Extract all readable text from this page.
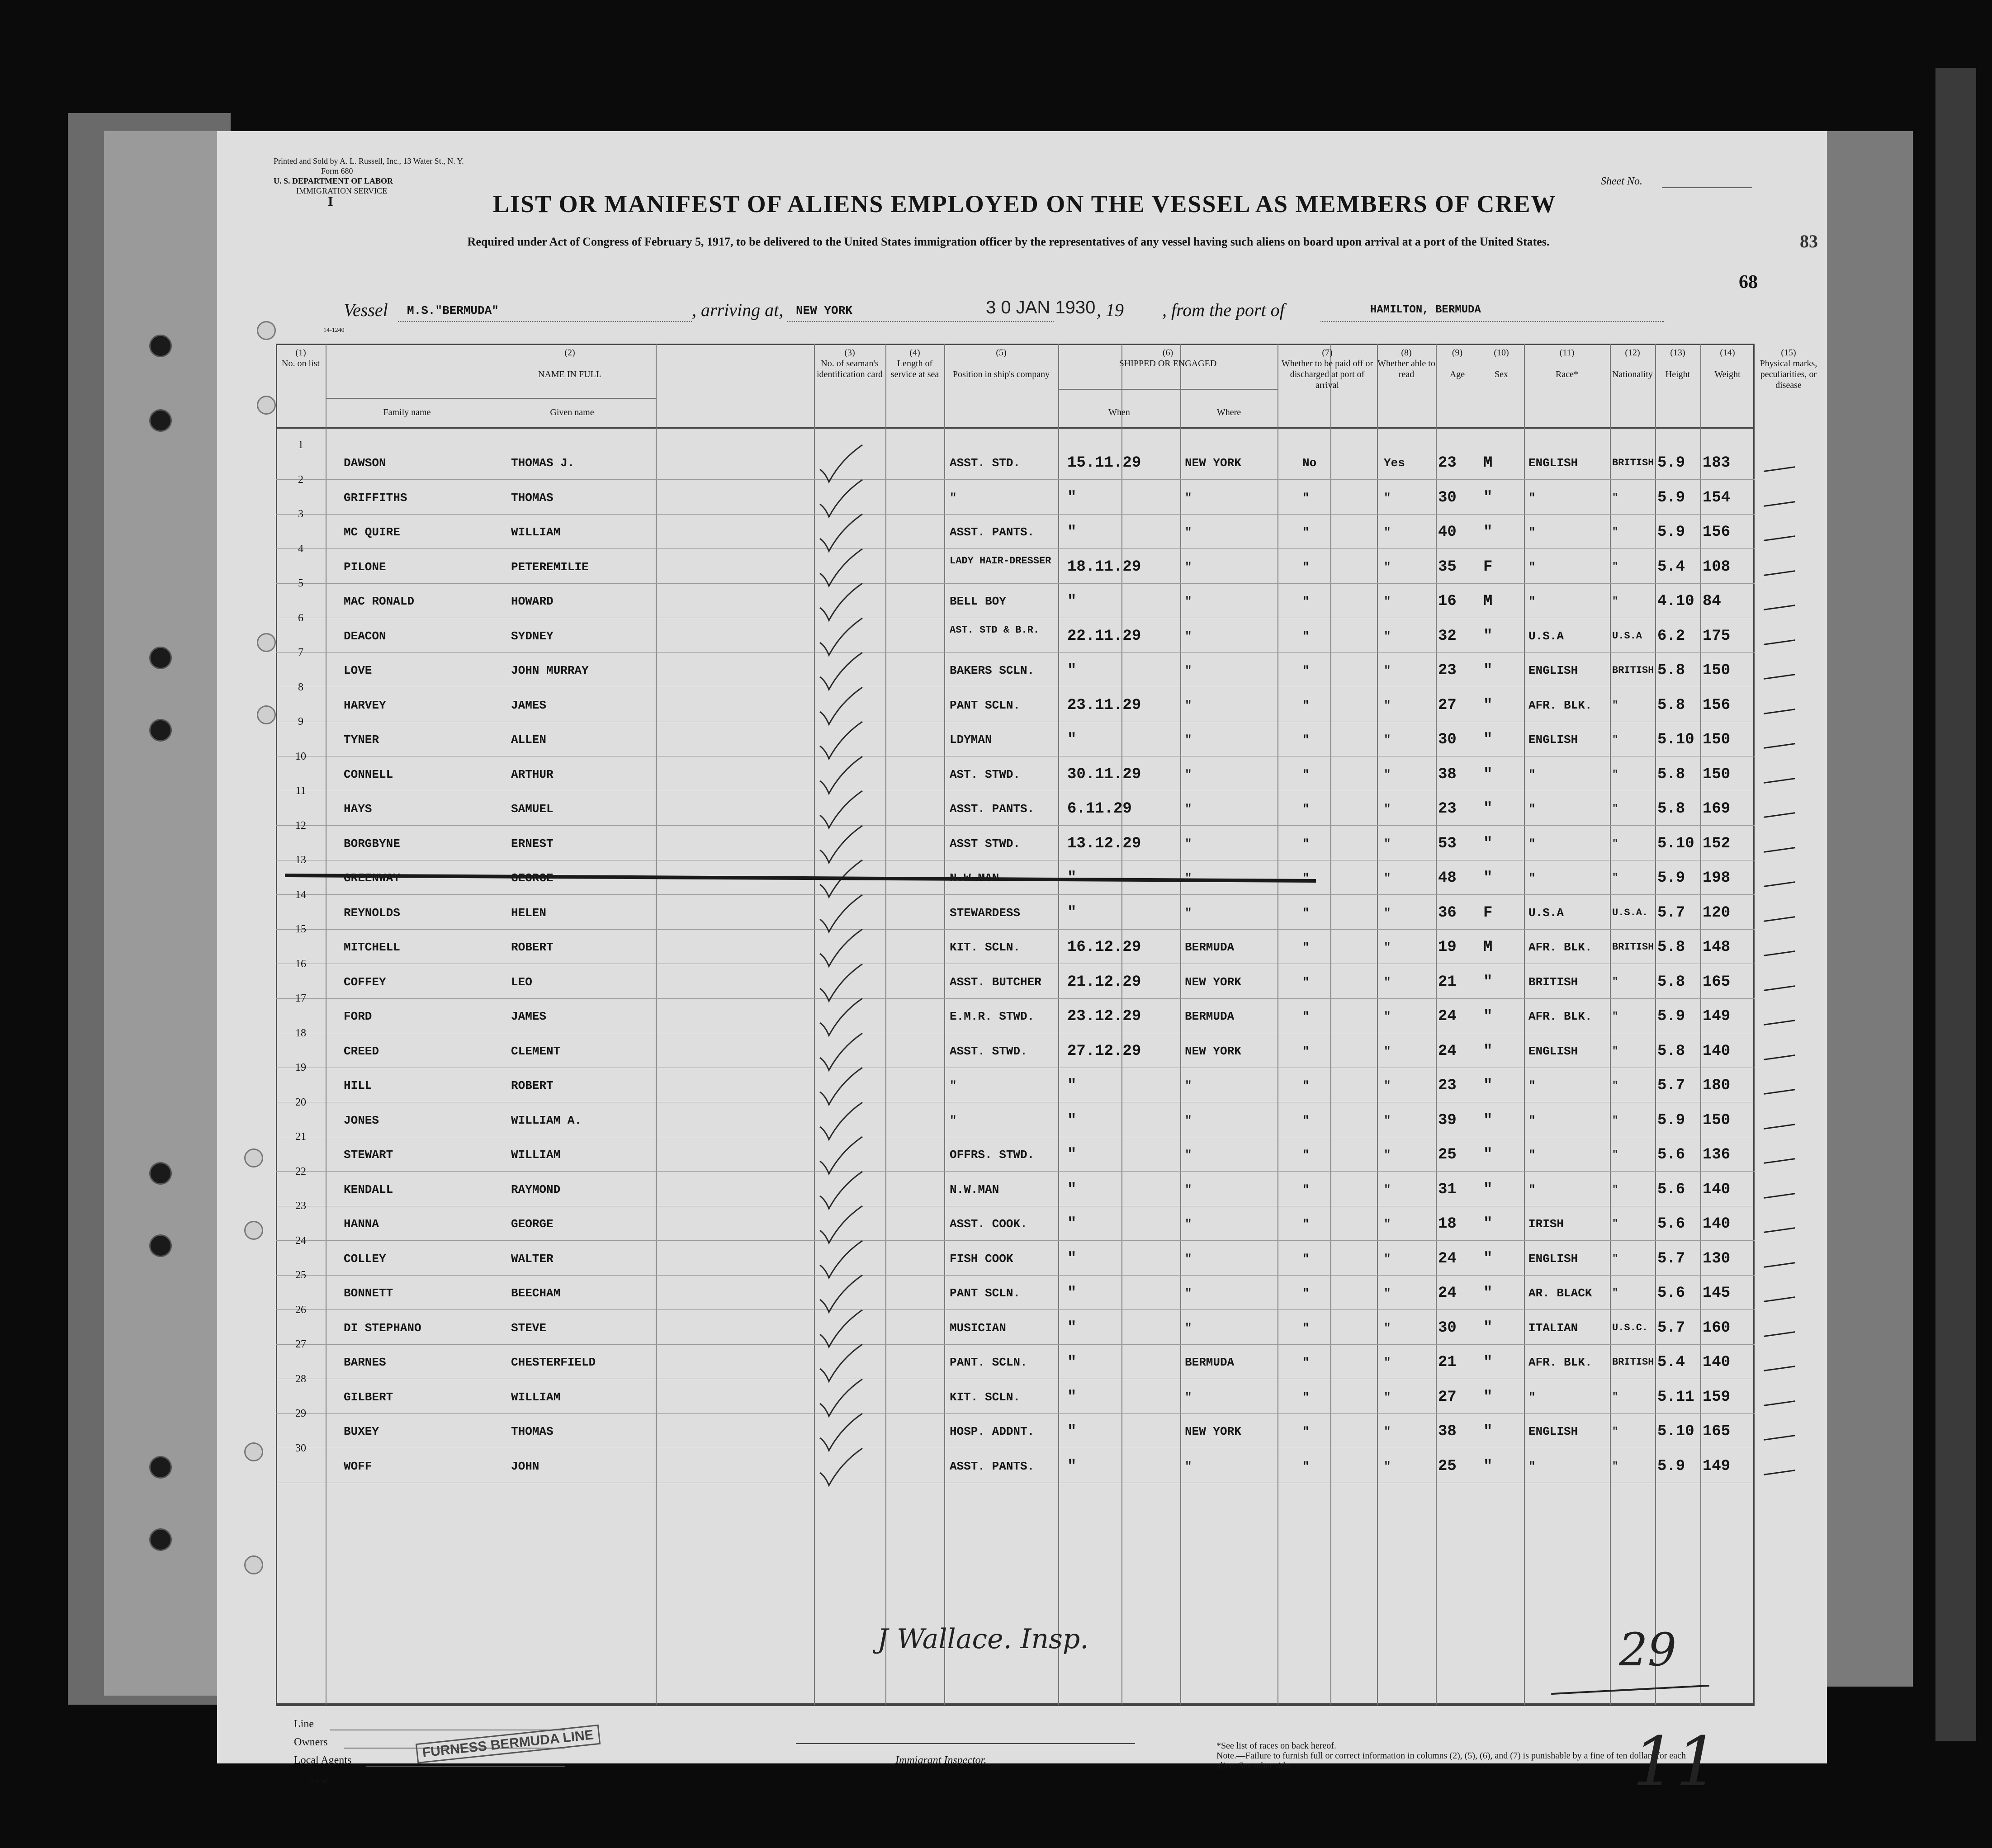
Printed and Sold by A. L. Russell, Inc., 13 Water St., N. Y.
Form 680
U. S. DEPARTMENT OF LABOR
IMMIGRATION SERVICE
I
Sheet No.
LIST OR MANIFEST OF ALIENS EMPLOYED ON THE VESSEL AS MEMBERS OF CREW
Required under Act of Congress of February 5, 1917, to be delivered to the United States immigration officer by the representatives of any vessel having such aliens on board upon arrival at a port of the United States.
68
83
Vessel M.S."BERMUDA"	, arriving at, NEW YORK	3 0 JAN 1930 , 19 , from the port of	HAMILTON, BERMUDA
14-1240
(1)
No. on list
(2)

NAME IN FULL
Family name	Given name
(3)
No. of seaman's identification card
(4)
Length of service at sea
(5)

Position in ship's company
(6)
SHIPPED OR ENGAGED
When	Where
(7)
Whether to be paid off or discharged at port of arrival
(8)
Whether able to read
(9)

Age
(10)

Sex
(11)

Race*
(12)

Nationality
(13)

Height
(14)

Weight
(15)
Physical marks, peculiarities, or disease
1
DAWSON	THOMAS J.	ASST. STD.	15.11.29	NEW YORK	No	Yes	23	M	ENGLISH	BRITISH 5.9	183
2
GRIFFITHS	THOMAS	"	"	"	"	"	30	"	"	"	5.9	154
3
MC QUIRE	WILLIAM	ASST. PANTS.	"	"	"	"	40	"	"	"	5.9	156
4
PILONE	PETEREMILIE	LADY HAIR-DRESSER	18.11.29	"	"	"	35	F	"	"	5.4	108
5
MAC RONALD	HOWARD	BELL BOY	"	"	"	"	16	M	"	"	4.10 84
6
DEACON	SYDNEY	AST. STD & B.R.	22.11.29	"	"	"	32	"	U.S.A	U.S.A 6.2	175
7
LOVE	JOHN MURRAY	BAKERS SCLN.	"	"	"	"	23	"	ENGLISH	BRITISH 5.8	150
8
HARVEY	JAMES	PANT SCLN.	23.11.29	"	"	"	27	"	AFR. BLK.	"	5.8	156
9
TYNER	ALLEN	LDYMAN	"	"	"	"	30	"	ENGLISH	"	5.10 150
10
CONNELL	ARTHUR	AST. STWD.	30.11.29	"	"	"	38	"	"	"	5.8	150
11
HAYS	SAMUEL	ASST. PANTS.	6.11.29	"	"	"	23	"	"	"	5.8	169
12
BORGBYNE	ERNEST	ASST STWD.	13.12.29	"	"	"	53	"	"	"	5.10 152
13
GREENWAY	GEORGE	N.W.MAN	"	"	"	"	48	"	"	"	5.9	198
14
REYNOLDS	HELEN	STEWARDESS	"	"	"	"	36	F	U.S.A	U.S.A. 5.7	120
15
MITCHELL	ROBERT	KIT. SCLN.	16.12.29	BERMUDA	"	"	19	M	AFR. BLK.	BRITISH 5.8	148
16
COFFEY	LEO	ASST. BUTCHER	21.12.29	NEW YORK	"	"	21	"	BRITISH	"	5.8	165
17
FORD	JAMES	E.M.R. STWD.	23.12.29	BERMUDA	"	"	24	"	AFR. BLK.	"	5.9	149
18
CREED	CLEMENT	ASST. STWD.	27.12.29	NEW YORK	"	"	24	"	ENGLISH	"	5.8	140
19
HILL	ROBERT	"	"	"	"	"	23	"	"	"	5.7	180
20
JONES	WILLIAM A.	"	"	"	"	"	39	"	"	"	5.9	150
21
STEWART	WILLIAM	OFFRS. STWD.	"	"	"	"	25	"	"	"	5.6	136
22
KENDALL	RAYMOND	N.W.MAN	"	"	"	"	31	"	"	"	5.6	140
23
HANNA	GEORGE	ASST. COOK.	"	"	"	"	18	"	IRISH	"	5.6	140
24
COLLEY	WALTER	FISH COOK	"	"	"	"	24	"	ENGLISH	"	5.7	130
25
BONNETT	BEECHAM	PANT SCLN.	"	"	"	"	24	"	AR. BLACK	"	5.6	145
26
DI STEPHANO	STEVE	MUSICIAN	"	"	"	"	30	"	ITALIAN	U.S.C. 5.7	160
27
BARNES	CHESTERFIELD	PANT. SCLN.	"	BERMUDA	"	"	21	"	AFR. BLK.	BRITISH 5.4	140
28
GILBERT	WILLIAM	KIT. SCLN.	"	"	"	"	27	"	"	"	5.11 159
29
BUXEY	THOMAS	HOSP. ADDNT.	"	NEW YORK	"	"	38	"	ENGLISH	"	5.10 165
30
WOFF	JOHN	ASST. PANTS.	"	"	"	"	25	"	"	"	5.9	149
Line
Owners
Local Agents
FURNESS BERMUDA LINE
14-1240
Immigrant Inspector.
J Wallace. Insp.
*See list of races on back hereof.
Note.—Failure to furnish full or correct information in columns (2), (5), (6), and (7) is punishable by a fine of ten dollars for each alien. See other side.
29
11
